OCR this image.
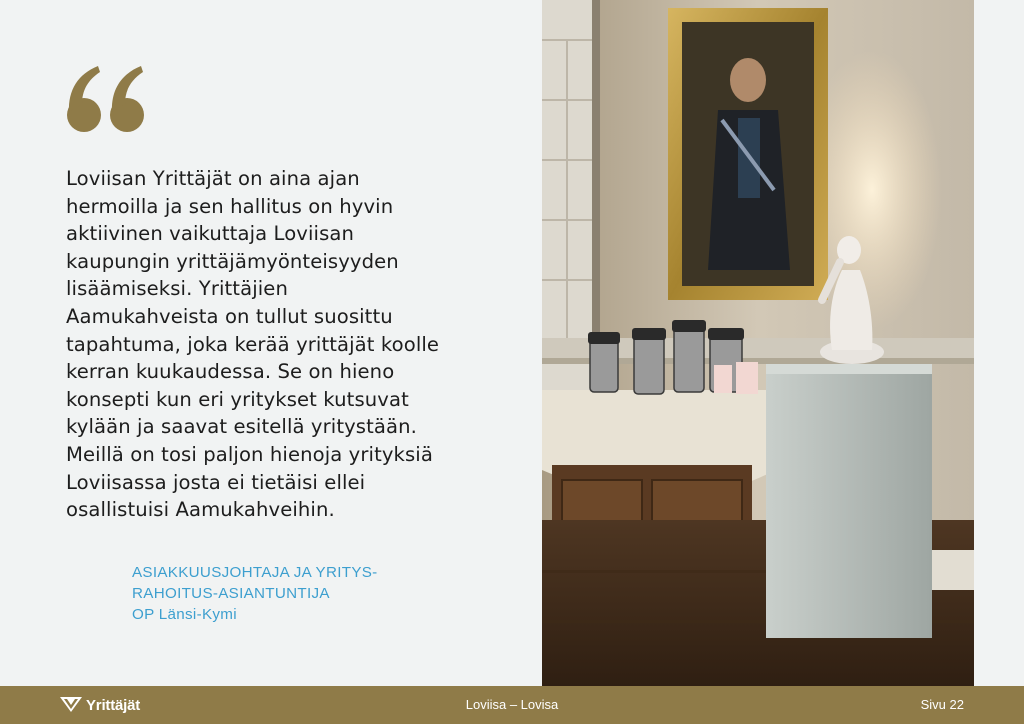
Loviisan Yrittäjät on aina ajan
hermoilla ja sen hallitus on hyvin
aktiivinen vaikuttaja Loviisan
kaupungin yrittäjämyönteisyyden
lisäämiseksi. Yrittäjien
Aamukahveista on tullut suosittu
tapahtuma, joka kerää yrittäjät koolle
kerran kuukaudessa. Se on hieno
konsepti kun eri yritykset kutsuvat
kylään ja saavat esitellä yritystään.
Meillä on tosi paljon hienoja yrityksiä
Loviisassa josta ei tietäisi ellei
osallistuisi Aamukahveihin.

ASIAKKUUSJOHTAJA JA YRITYS-
RAHOITUS-ASIANTUNTIJA
OP Länsi-Kymi
Yrittäjät	Loviisa – Lovisa	Sivu 22
